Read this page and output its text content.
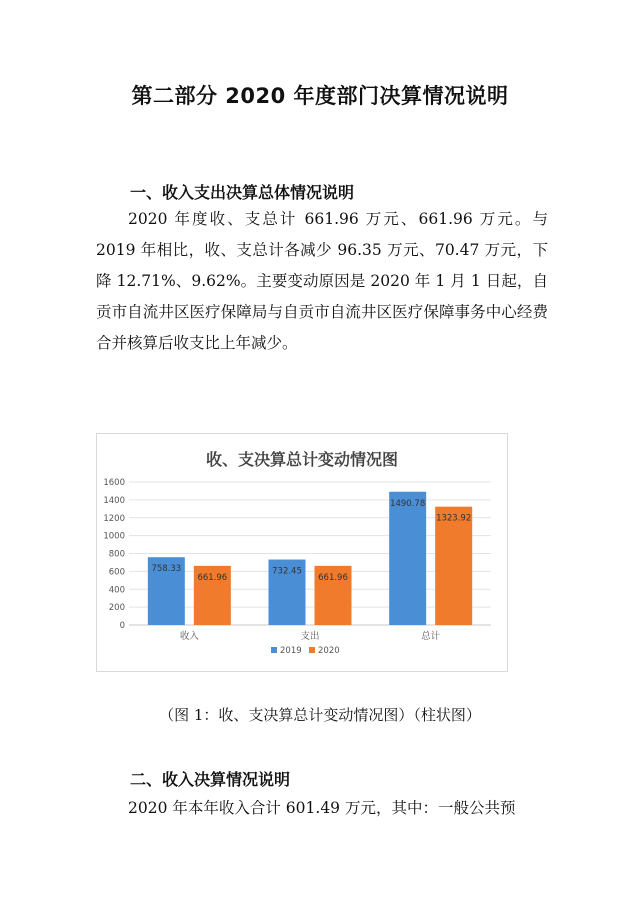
第二部分 2020 年度部门决算情况说明
一、收入支出决算总体情况说明

2020 年度收、支总计 661.96 万元、661.96 万元。与 2019 年相比，收、支总计各减少 96.35 万元、70.47 万元，下降 12.71%、9.62%。主要变动原因是 2020 年 1 月 1 日起，自贡市自流井区医疗保障局与自贡市自流井区医疗保障事务中心经费合并核算后收支比上年减少。

收、支决算总计变动情况图
0
200
400
600
800
1000
1200
1400
1600
758.33
661.96
收入
732.45
661.96
支出
1490.78
1323.92
总计
2019 2020

（图 1：收、支决算总计变动情况图）（柱状图）

二、收入决算情况说明

2020 年本年收入合计 601.49 万元，其中：一般公共预
